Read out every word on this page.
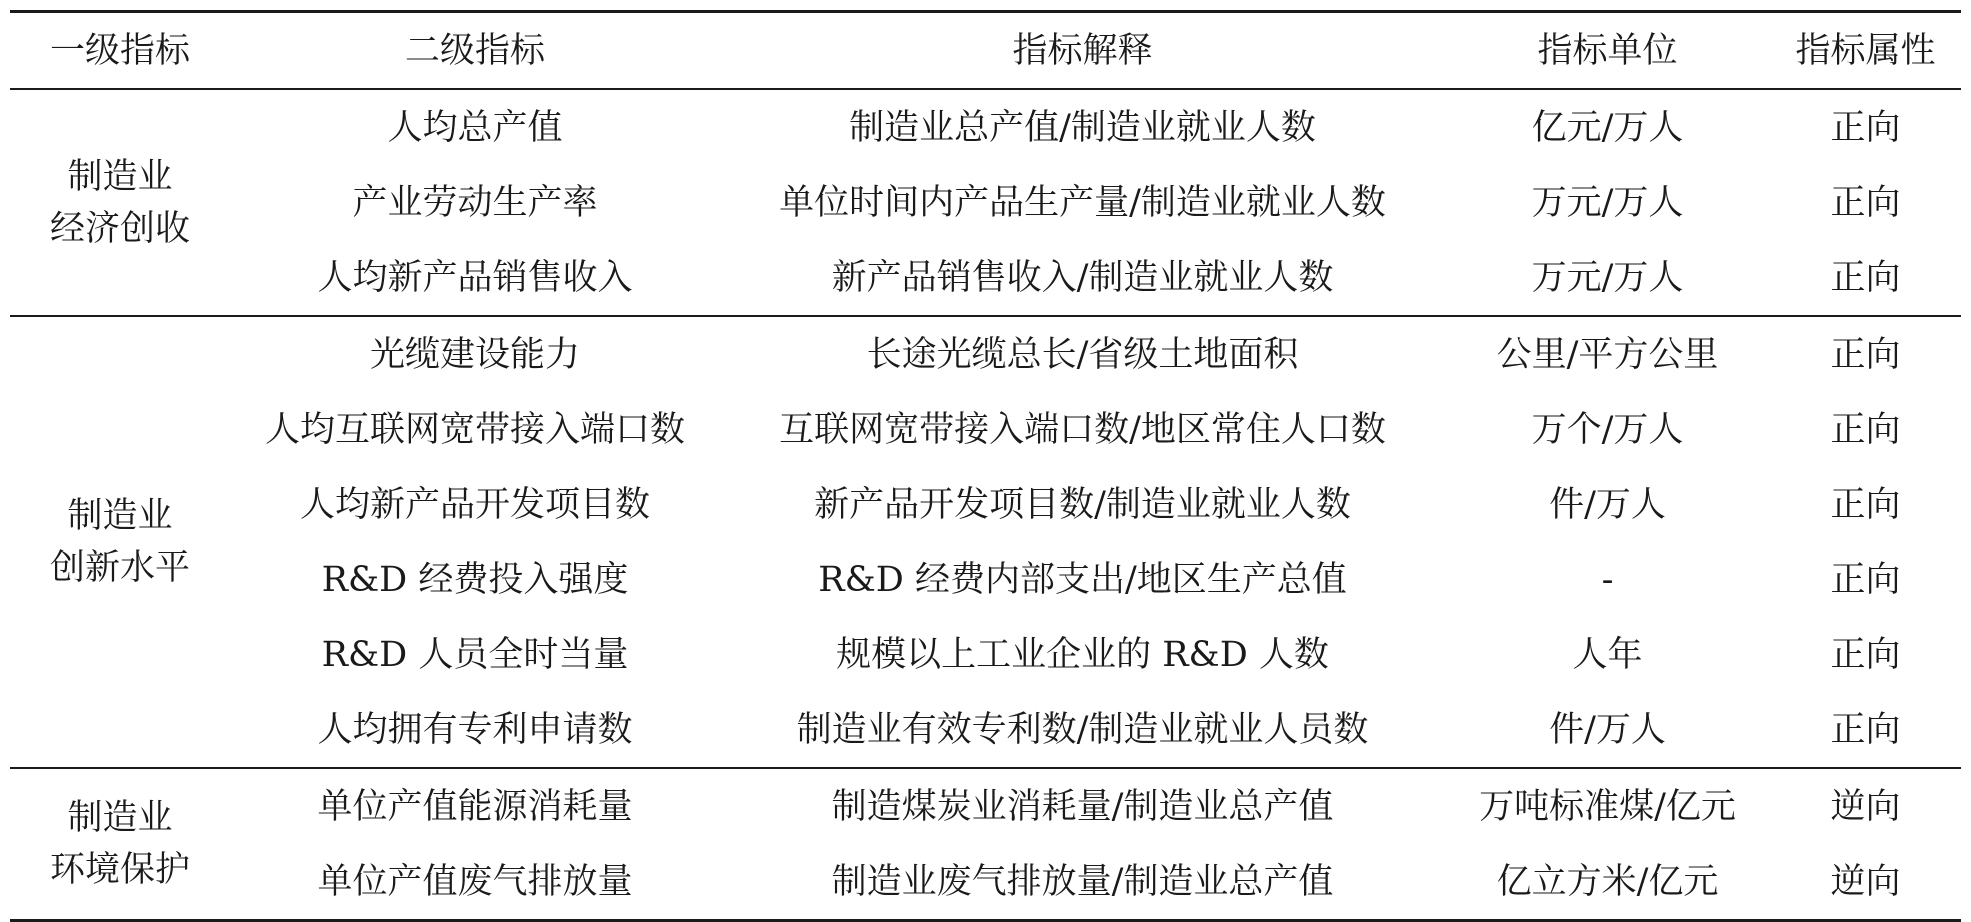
一级指标	二级指标	指标解释	指标单位	指标属性
制造业
经济创收
人均总产值	制造业总产值/制造业就业人数	亿元/万人	正向
产业劳动生产率	单位时间内产品生产量/制造业就业人数	万元/万人	正向
人均新产品销售收入	新产品销售收入/制造业就业人数	万元/万人	正向
制造业
创新水平
光缆建设能力	长途光缆总长/省级土地面积	公里/平方公里	正向
人均互联网宽带接入端口数	互联网宽带接入端口数/地区常住人口数	万个/万人	正向
人均新产品开发项目数	新产品开发项目数/制造业就业人数	件/万人	正向
R&D 经费投入强度	R&D 经费内部支出/地区生产总值	-	正向
R&D 人员全时当量	规模以上工业企业的 R&D 人数	人年	正向
人均拥有专利申请数	制造业有效专利数/制造业就业人员数	件/万人	正向
制造业
环境保护
单位产值能源消耗量	制造煤炭业消耗量/制造业总产值	万吨标准煤/亿元	逆向
单位产值废气排放量	制造业废气排放量/制造业总产值	亿立方米/亿元	逆向
